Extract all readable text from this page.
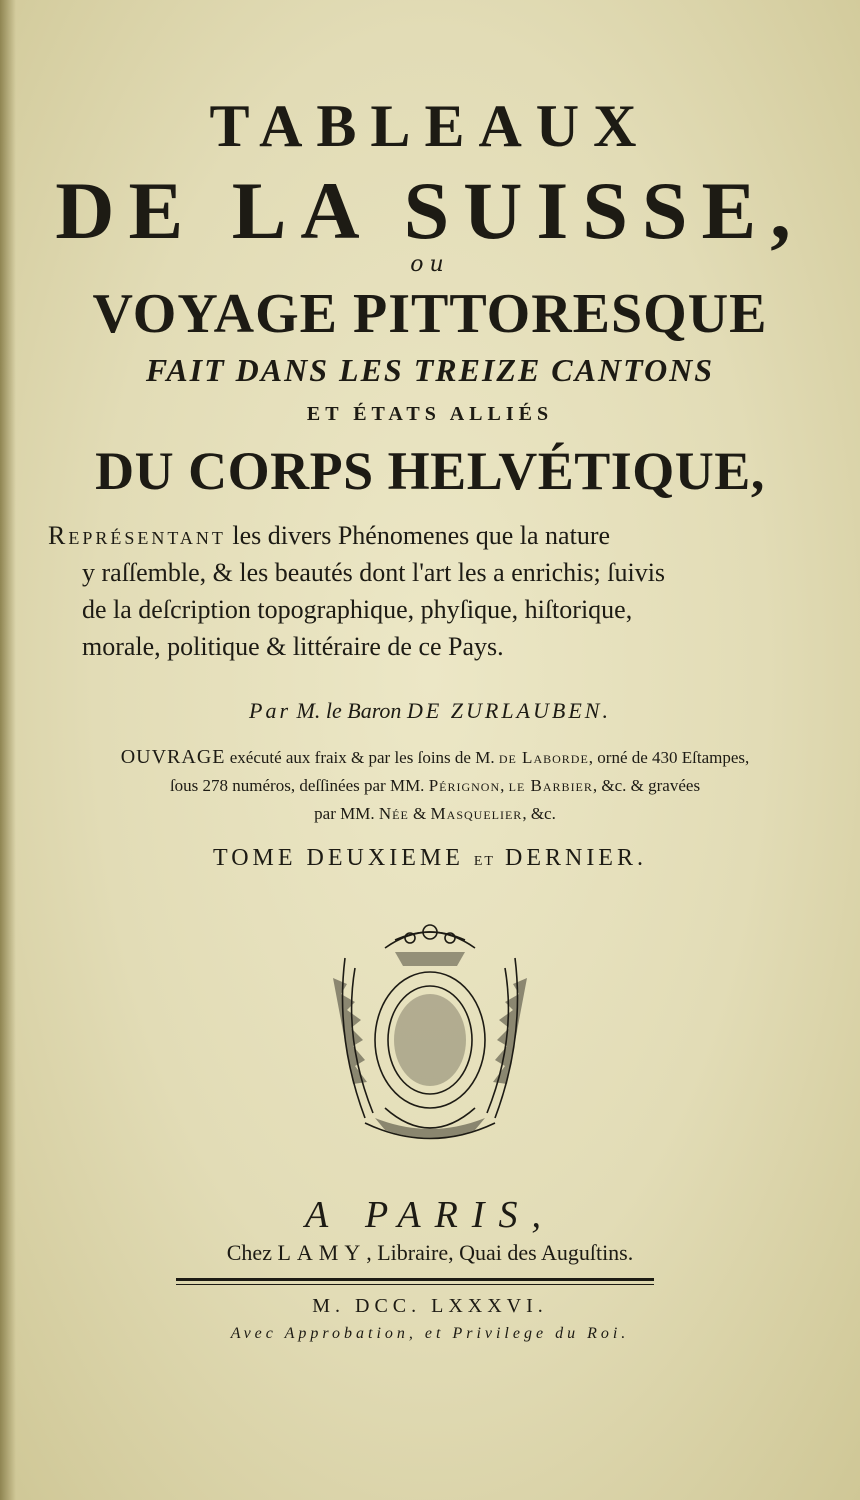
TABLEAUX
DE LA SUISSE,
ou
VOYAGE PITTORESQUE
FAIT DANS LES TREIZE CANTONS
ET ÉTATS ALLIÉS
DU CORPS HELVÉTIQUE,
Représentant les divers Phénomenes que la nature
y raſſemble, & les beautés dont l'art les a enrichis; ſuivis
de la deſcription topographique, phyſique, hiſtorique,
morale, politique & littéraire de ce Pays.
Par M. le Baron DE ZURLAUBEN.
OUVRAGE exécuté aux fraix & par les ſoins de M. de Laborde, orné de 430 Eſtampes,
ſous 278 numéros, deſſinées par MM. Pérignon, le Barbier, &c. & gravées
par MM. Née & Masquelier, &c.
TOME DEUXIEME ET DERNIER.
A PARIS,
Chez LAMY, Libraire, Quai des Auguſtins.
M. DCC. LXXXVI.
Avec Approbation, et Privilege du Roi.
